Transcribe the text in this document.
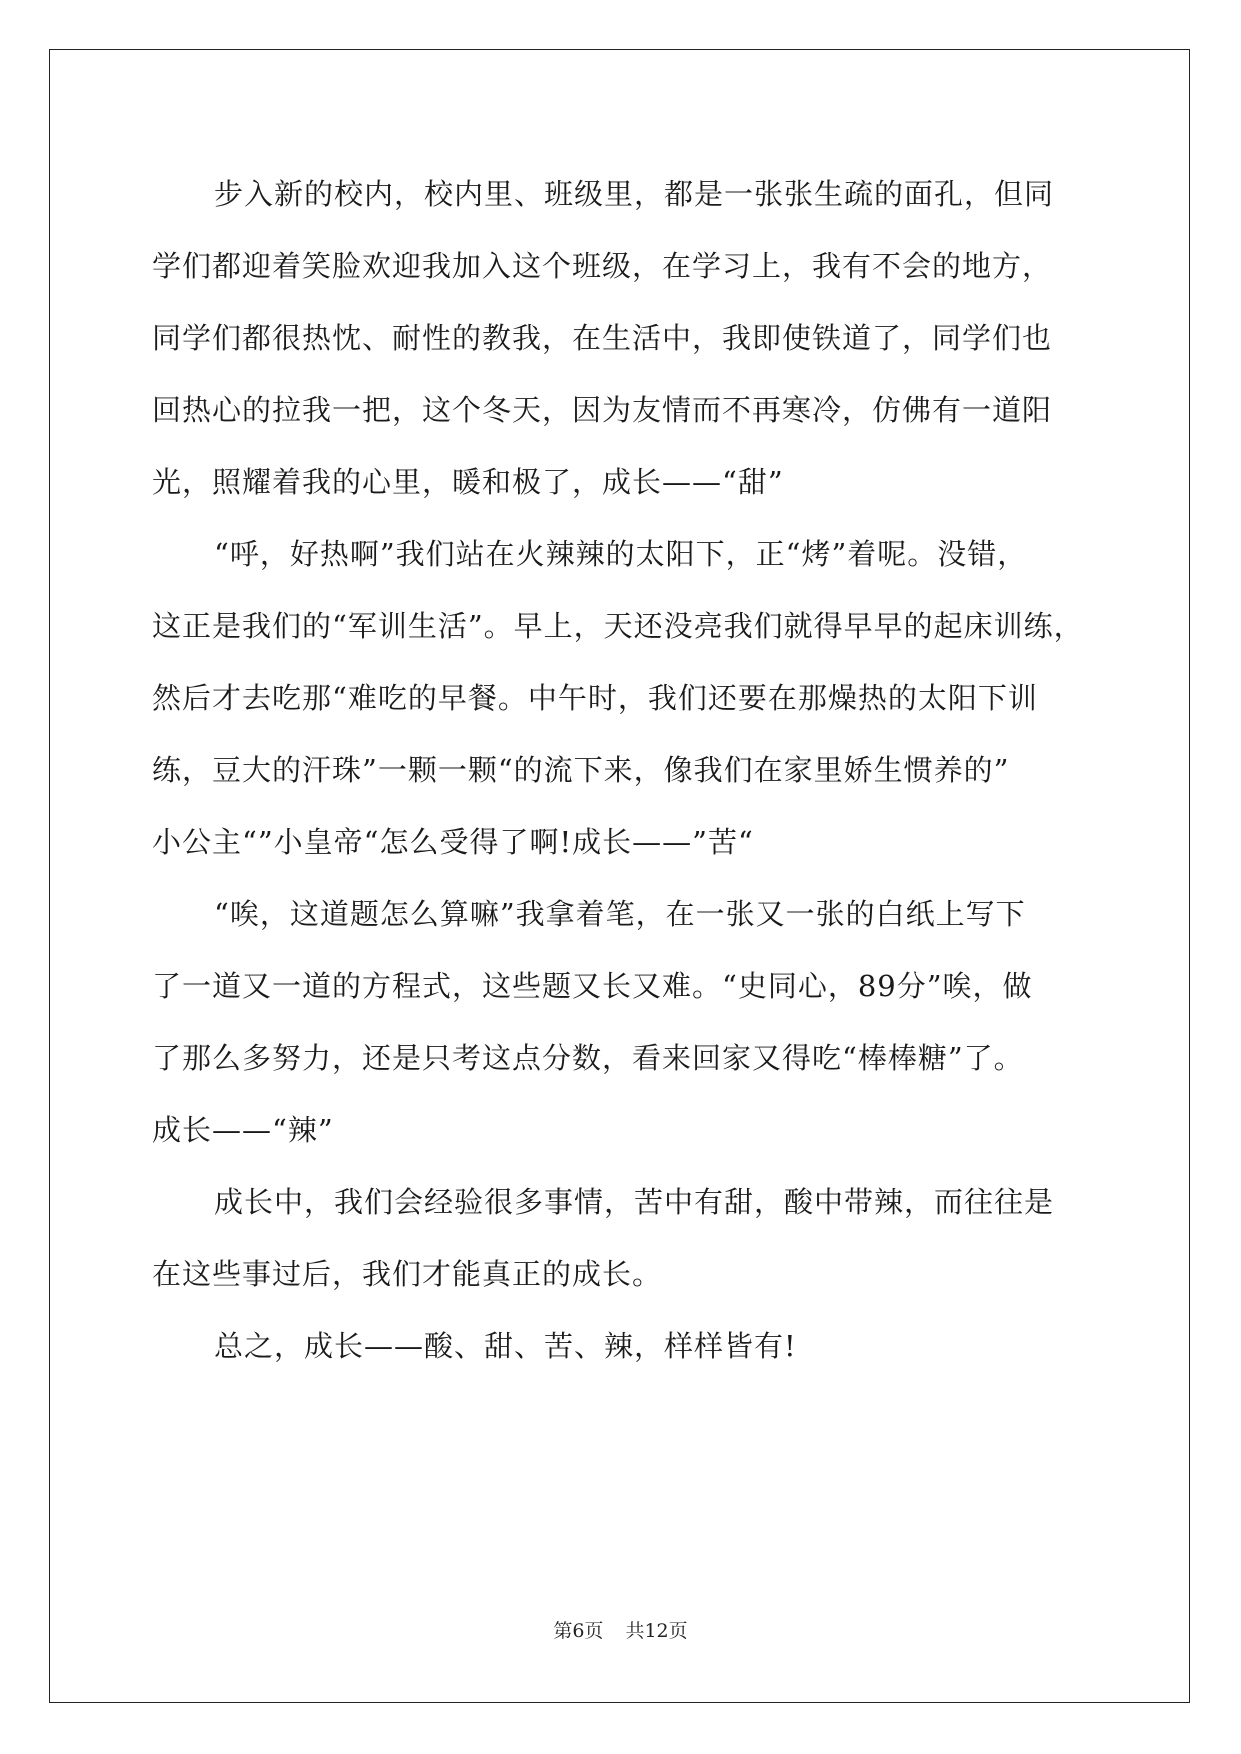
步入新的校内，校内里、班级里，都是一张张生疏的面孔，但同
学们都迎着笑脸欢迎我加入这个班级，在学习上，我有不会的地方，
同学们都很热忱、耐性的教我，在生活中，我即使铁道了，同学们也
回热心的拉我一把，这个冬天，因为友情而不再寒冷，仿佛有一道阳
光，照耀着我的心里，暖和极了，成长——“甜”
“呼，好热啊”我们站在火辣辣的太阳下，正“烤”着呢。没错，
这正是我们的“军训生活”。早上，天还没亮我们就得早早的起床训练，
然后才去吃那“难吃的早餐。中午时，我们还要在那燥热的太阳下训
练，豆大的汗珠”一颗一颗“的流下来，像我们在家里娇生惯养的”
小公主“”小皇帝“怎么受得了啊!成长——”苦“
“唉，这道题怎么算嘛”我拿着笔，在一张又一张的白纸上写下
了一道又一道的方程式，这些题又长又难。“史同心，89分”唉，做
了那么多努力，还是只考这点分数，看来回家又得吃“棒棒糖”了。
成长——“辣”
成长中，我们会经验很多事情，苦中有甜，酸中带辣，而往往是
在这些事过后，我们才能真正的成长。
总之，成长——酸、甜、苦、辣，样样皆有!
第6页 共12页
